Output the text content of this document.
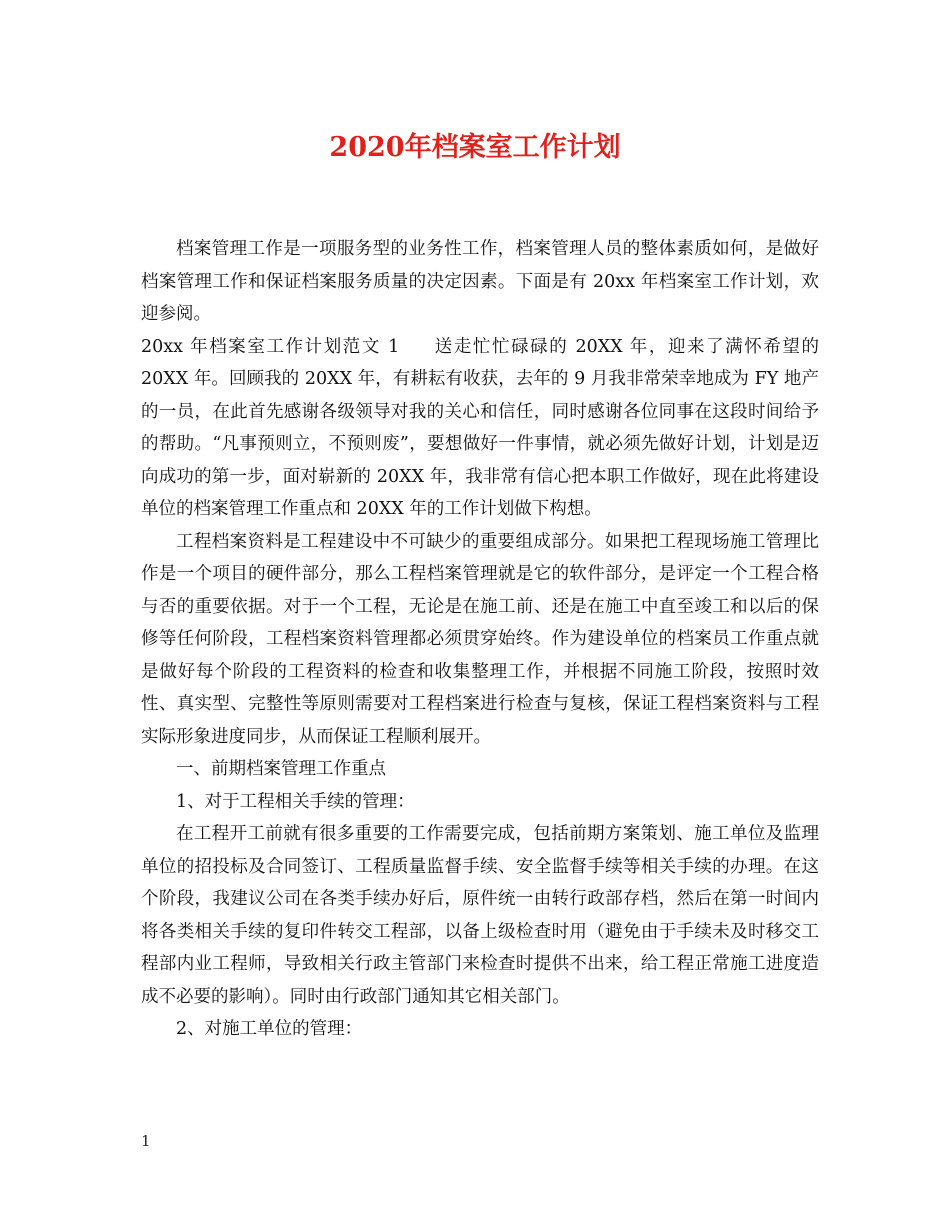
2020年档案室工作计划

档案管理工作是一项服务型的业务性工作，档案管理人员的整体素质如何，是做好档案管理工作和保证档案服务质量的决定因素。下面是有 20xx 年档案室工作计划，欢迎参阅。

20xx 年档案室工作计划范文 1 送走忙忙碌碌的 20XX 年，迎来了满怀希望的 20XX 年。回顾我的 20XX 年，有耕耘有收获，去年的 9 月我非常荣幸地成为 FY 地产的一员，在此首先感谢各级领导对我的关心和信任，同时感谢各位同事在这段时间给予的帮助。“凡事预则立，不预则废”，要想做好一件事情，就必须先做好计划，计划是迈向成功的第一步，面对崭新的 20XX 年，我非常有信心把本职工作做好，现在此将建设单位的档案管理工作重点和 20XX 年的工作计划做下构想。

工程档案资料是工程建设中不可缺少的重要组成部分。如果把工程现场施工管理比作是一个项目的硬件部分，那么工程档案管理就是它的软件部分，是评定一个工程合格与否的重要依据。对于一个工程，无论是在施工前、还是在施工中直至竣工和以后的保修等任何阶段，工程档案资料管理都必须贯穿始终。作为建设单位的档案员工作重点就是做好每个阶段的工程资料的检查和收集整理工作，并根据不同施工阶段，按照时效性、真实型、完整性等原则需要对工程档案进行检查与复核，保证工程档案资料与工程实际形象进度同步，从而保证工程顺利展开。

一、前期档案管理工作重点

1、对于工程相关手续的管理：

在工程开工前就有很多重要的工作需要完成，包括前期方案策划、施工单位及监理单位的招投标及合同签订、工程质量监督手续、安全监督手续等相关手续的办理。在这个阶段，我建议公司在各类手续办好后，原件统一由转行政部存档，然后在第一时间内将各类相关手续的复印件转交工程部，以备上级检查时用（避免由于手续未及时移交工程部内业工程师，导致相关行政主管部门来检查时提供不出来，给工程正常施工进度造成不必要的影响）。同时由行政部门通知其它相关部门。

2、对施工单位的管理：

1
